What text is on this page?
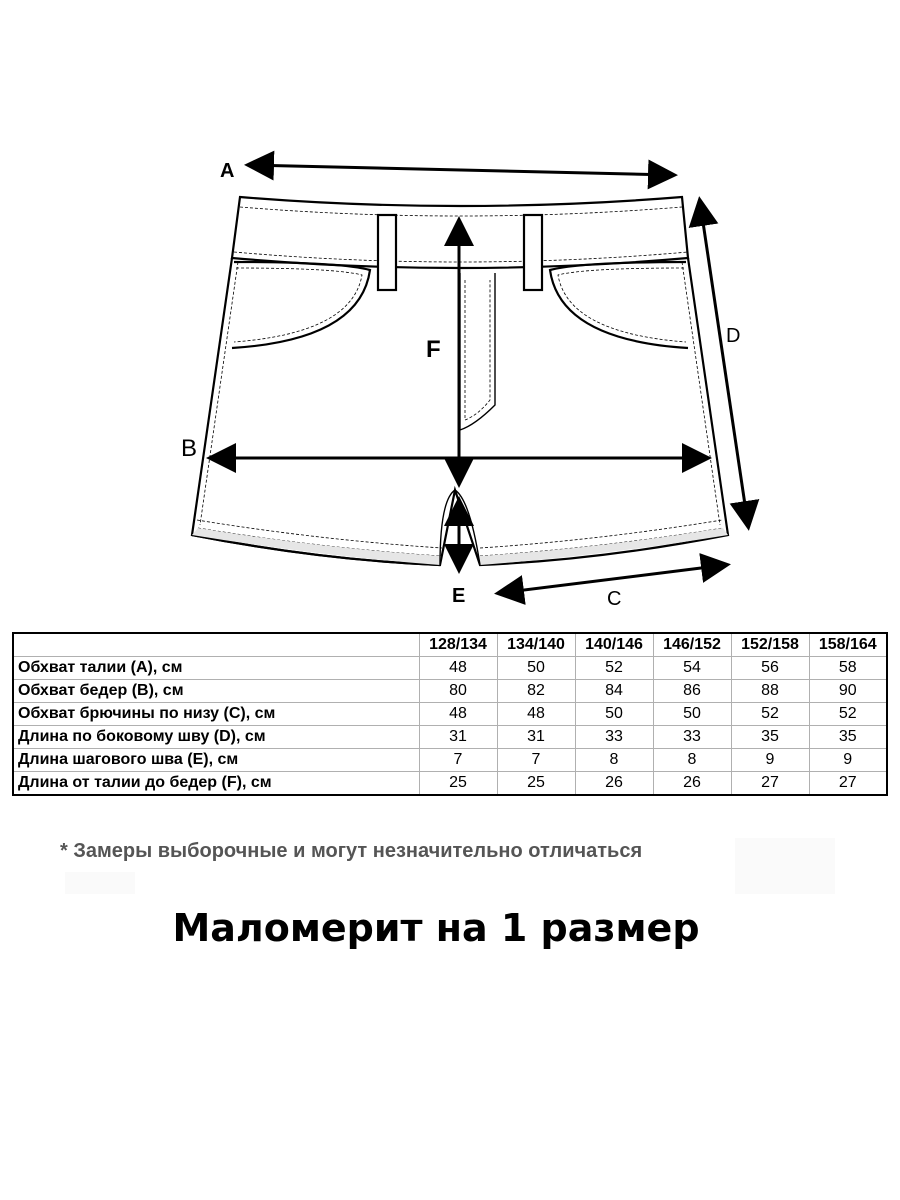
A
B
C
D
E
F
	128/134	134/140	140/146	146/152	152/158	158/164
Обхват талии (A), см	48	50	52	54	56	58
Обхват бедер (B), см	80	82	84	86	88	90
Обхват брючины по низу (C), см	48	48	50	50	52	52
Длина по боковому шву (D), см	31	31	33	33	35	35
Длина шагового шва (E), см	7	7	8	8	9	9
Длина от талии до бедер (F), см	25	25	26	26	27	27
* Замеры выборочные и могут незначительно отличаться
Маломерит на 1 размер
